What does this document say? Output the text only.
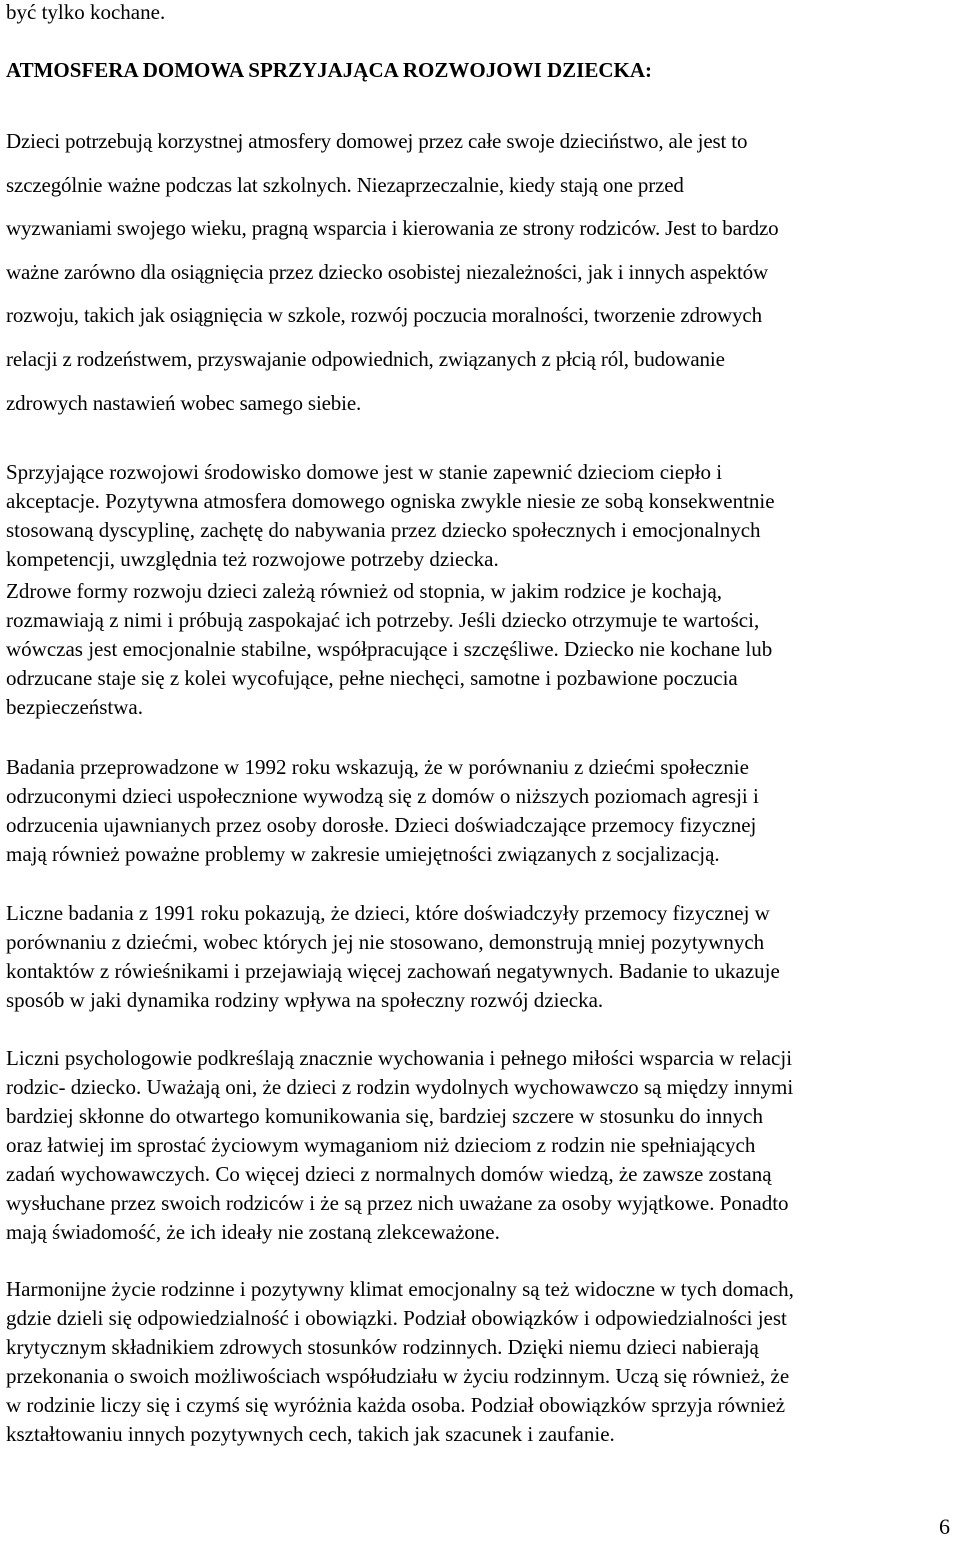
być tylko kochane.

ATMOSFERA DOMOWA SPRZYJAJĄCA ROZWOJOWI DZIECKA:

Dzieci potrzebują korzystnej atmosfery domowej przez całe swoje dzieciństwo, ale jest to

szczególnie ważne podczas lat szkolnych. Niezaprzeczalnie, kiedy stają one przed

wyzwaniami swojego wieku, pragną wsparcia i kierowania ze strony rodziców. Jest to bardzo

ważne zarówno dla osiągnięcia przez dziecko osobistej niezależności, jak i innych aspektów

rozwoju, takich jak osiągnięcia w szkole, rozwój poczucia moralności, tworzenie zdrowych

relacji z rodzeństwem, przyswajanie odpowiednich, związanych z płcią ról, budowanie

zdrowych nastawień wobec samego siebie.

Sprzyjające rozwojowi środowisko domowe jest w stanie zapewnić dzieciom ciepło i

akceptacje. Pozytywna atmosfera domowego ogniska zwykle niesie ze sobą konsekwentnie

stosowaną dyscyplinę, zachętę do nabywania przez dziecko społecznych i emocjonalnych

kompetencji, uwzględnia też rozwojowe potrzeby dziecka.

Zdrowe formy rozwoju dzieci zależą również od stopnia, w jakim rodzice je kochają,

rozmawiają z nimi i próbują zaspokajać ich potrzeby. Jeśli dziecko otrzymuje te wartości,

wówczas jest emocjonalnie stabilne, współpracujące i szczęśliwe. Dziecko nie kochane lub

odrzucane staje się z kolei wycofujące, pełne niechęci, samotne i pozbawione poczucia

bezpieczeństwa.

Badania przeprowadzone w 1992 roku wskazują, że w porównaniu z dziećmi społecznie

odrzuconymi dzieci uspołecznione wywodzą się z domów o niższych poziomach agresji i

odrzucenia ujawnianych przez osoby dorosłe. Dzieci doświadczające przemocy fizycznej

mają również poważne problemy w zakresie umiejętności związanych z socjalizacją.

Liczne badania z 1991 roku pokazują, że dzieci, które doświadczyły przemocy fizycznej w

porównaniu z dziećmi, wobec których jej nie stosowano, demonstrują mniej pozytywnych

kontaktów z rówieśnikami i przejawiają więcej zachowań negatywnych. Badanie to ukazuje

sposób w jaki dynamika rodziny wpływa na społeczny rozwój dziecka.

Liczni psychologowie podkreślają znacznie wychowania i pełnego miłości wsparcia w relacji

rodzic- dziecko. Uważają oni, że dzieci z rodzin wydolnych wychowawczo są między innymi

bardziej skłonne do otwartego komunikowania się, bardziej szczere w stosunku do innych

oraz łatwiej im sprostać życiowym wymaganiom niż dzieciom z rodzin nie spełniających

zadań wychowawczych. Co więcej dzieci z normalnych domów wiedzą, że zawsze zostaną

wysłuchane przez swoich rodziców i że są przez nich uważane za osoby wyjątkowe. Ponadto

mają świadomość, że ich ideały nie zostaną zlekceważone.

Harmonijne życie rodzinne i pozytywny klimat emocjonalny są też widoczne w tych domach,

gdzie dzieli się odpowiedzialność i obowiązki. Podział obowiązków i odpowiedzialności jest

krytycznym składnikiem zdrowych stosunków rodzinnych. Dzięki niemu dzieci nabierają

przekonania o swoich możliwościach współudziału w życiu rodzinnym. Uczą się również, że

w rodzinie liczy się i czymś się wyróżnia każda osoba. Podział obowiązków sprzyja również

kształtowaniu innych pozytywnych cech, takich jak szacunek i zaufanie.

6
